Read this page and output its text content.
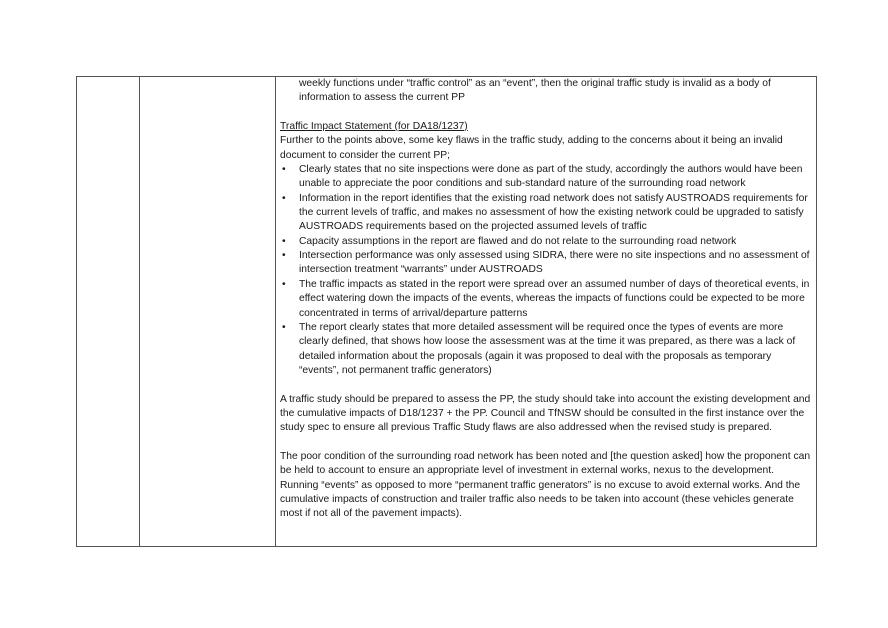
weekly functions under “traffic control” as an “event”, then the original traffic study is invalid as a body of information to assess the current PP

Traffic Impact Statement (for DA18/1237)

Further to the points above, some key flaws in the traffic study, adding to the concerns about it being an invalid document to consider the current PP;

• Clearly states that no site inspections were done as part of the study, accordingly the authors would have been unable to appreciate the poor conditions and sub-standard nature of the surrounding road network
• Information in the report identifies that the existing road network does not satisfy AUSTROADS requirements for the current levels of traffic, and makes no assessment of how the existing network could be upgraded to satisfy AUSTROADS requirements based on the projected assumed levels of traffic
• Capacity assumptions in the report are flawed and do not relate to the surrounding road network
• Intersection performance was only assessed using SIDRA, there were no site inspections and no assessment of intersection treatment “warrants” under AUSTROADS
• The traffic impacts as stated in the report were spread over an assumed number of days of theoretical events, in effect watering down the impacts of the events, whereas the impacts of functions could be expected to be more concentrated in terms of arrival/departure patterns
• The report clearly states that more detailed assessment will be required once the types of events are more clearly defined, that shows how loose the assessment was at the time it was prepared, as there was a lack of detailed information about the proposals (again it was proposed to deal with the proposals as temporary “events”, not permanent traffic generators)

A traffic study should be prepared to assess the PP, the study should take into account the existing development and the cumulative impacts of D18/1237 + the PP. Council and TfNSW should be consulted in the first instance over the study spec to ensure all previous Traffic Study flaws are also addressed when the revised study is prepared.

The poor condition of the surrounding road network has been noted and [the question asked] how the proponent can be held to account to ensure an appropriate level of investment in external works, nexus to the development. Running “events” as opposed to more “permanent traffic generators” is no excuse to avoid external works. And the cumulative impacts of construction and trailer traffic also needs to be taken into account (these vehicles generate most if not all of the pavement impacts).
